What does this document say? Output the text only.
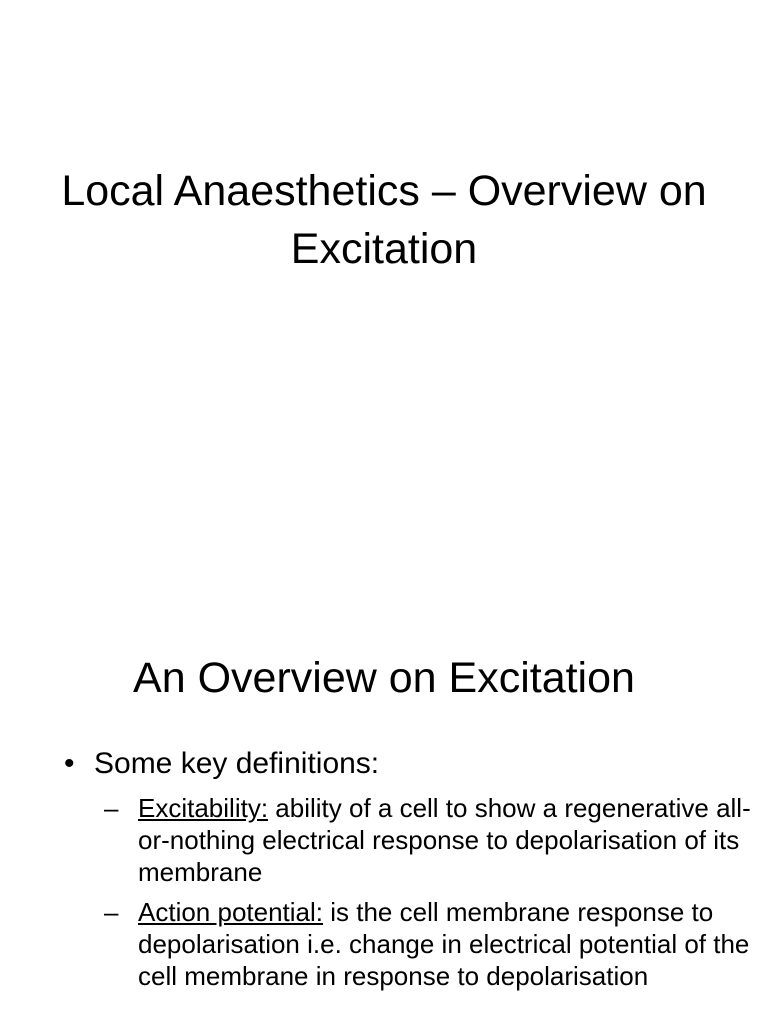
Local Anaesthetics – Overview on Excitation
An Overview on Excitation
• Some key definitions:
– Excitability: ability of a cell to show a regenerative all-or-nothing electrical response to depolarisation of its membrane
– Action potential: is the cell membrane response to depolarisation i.e. change in electrical potential of the cell membrane in response to depolarisation
